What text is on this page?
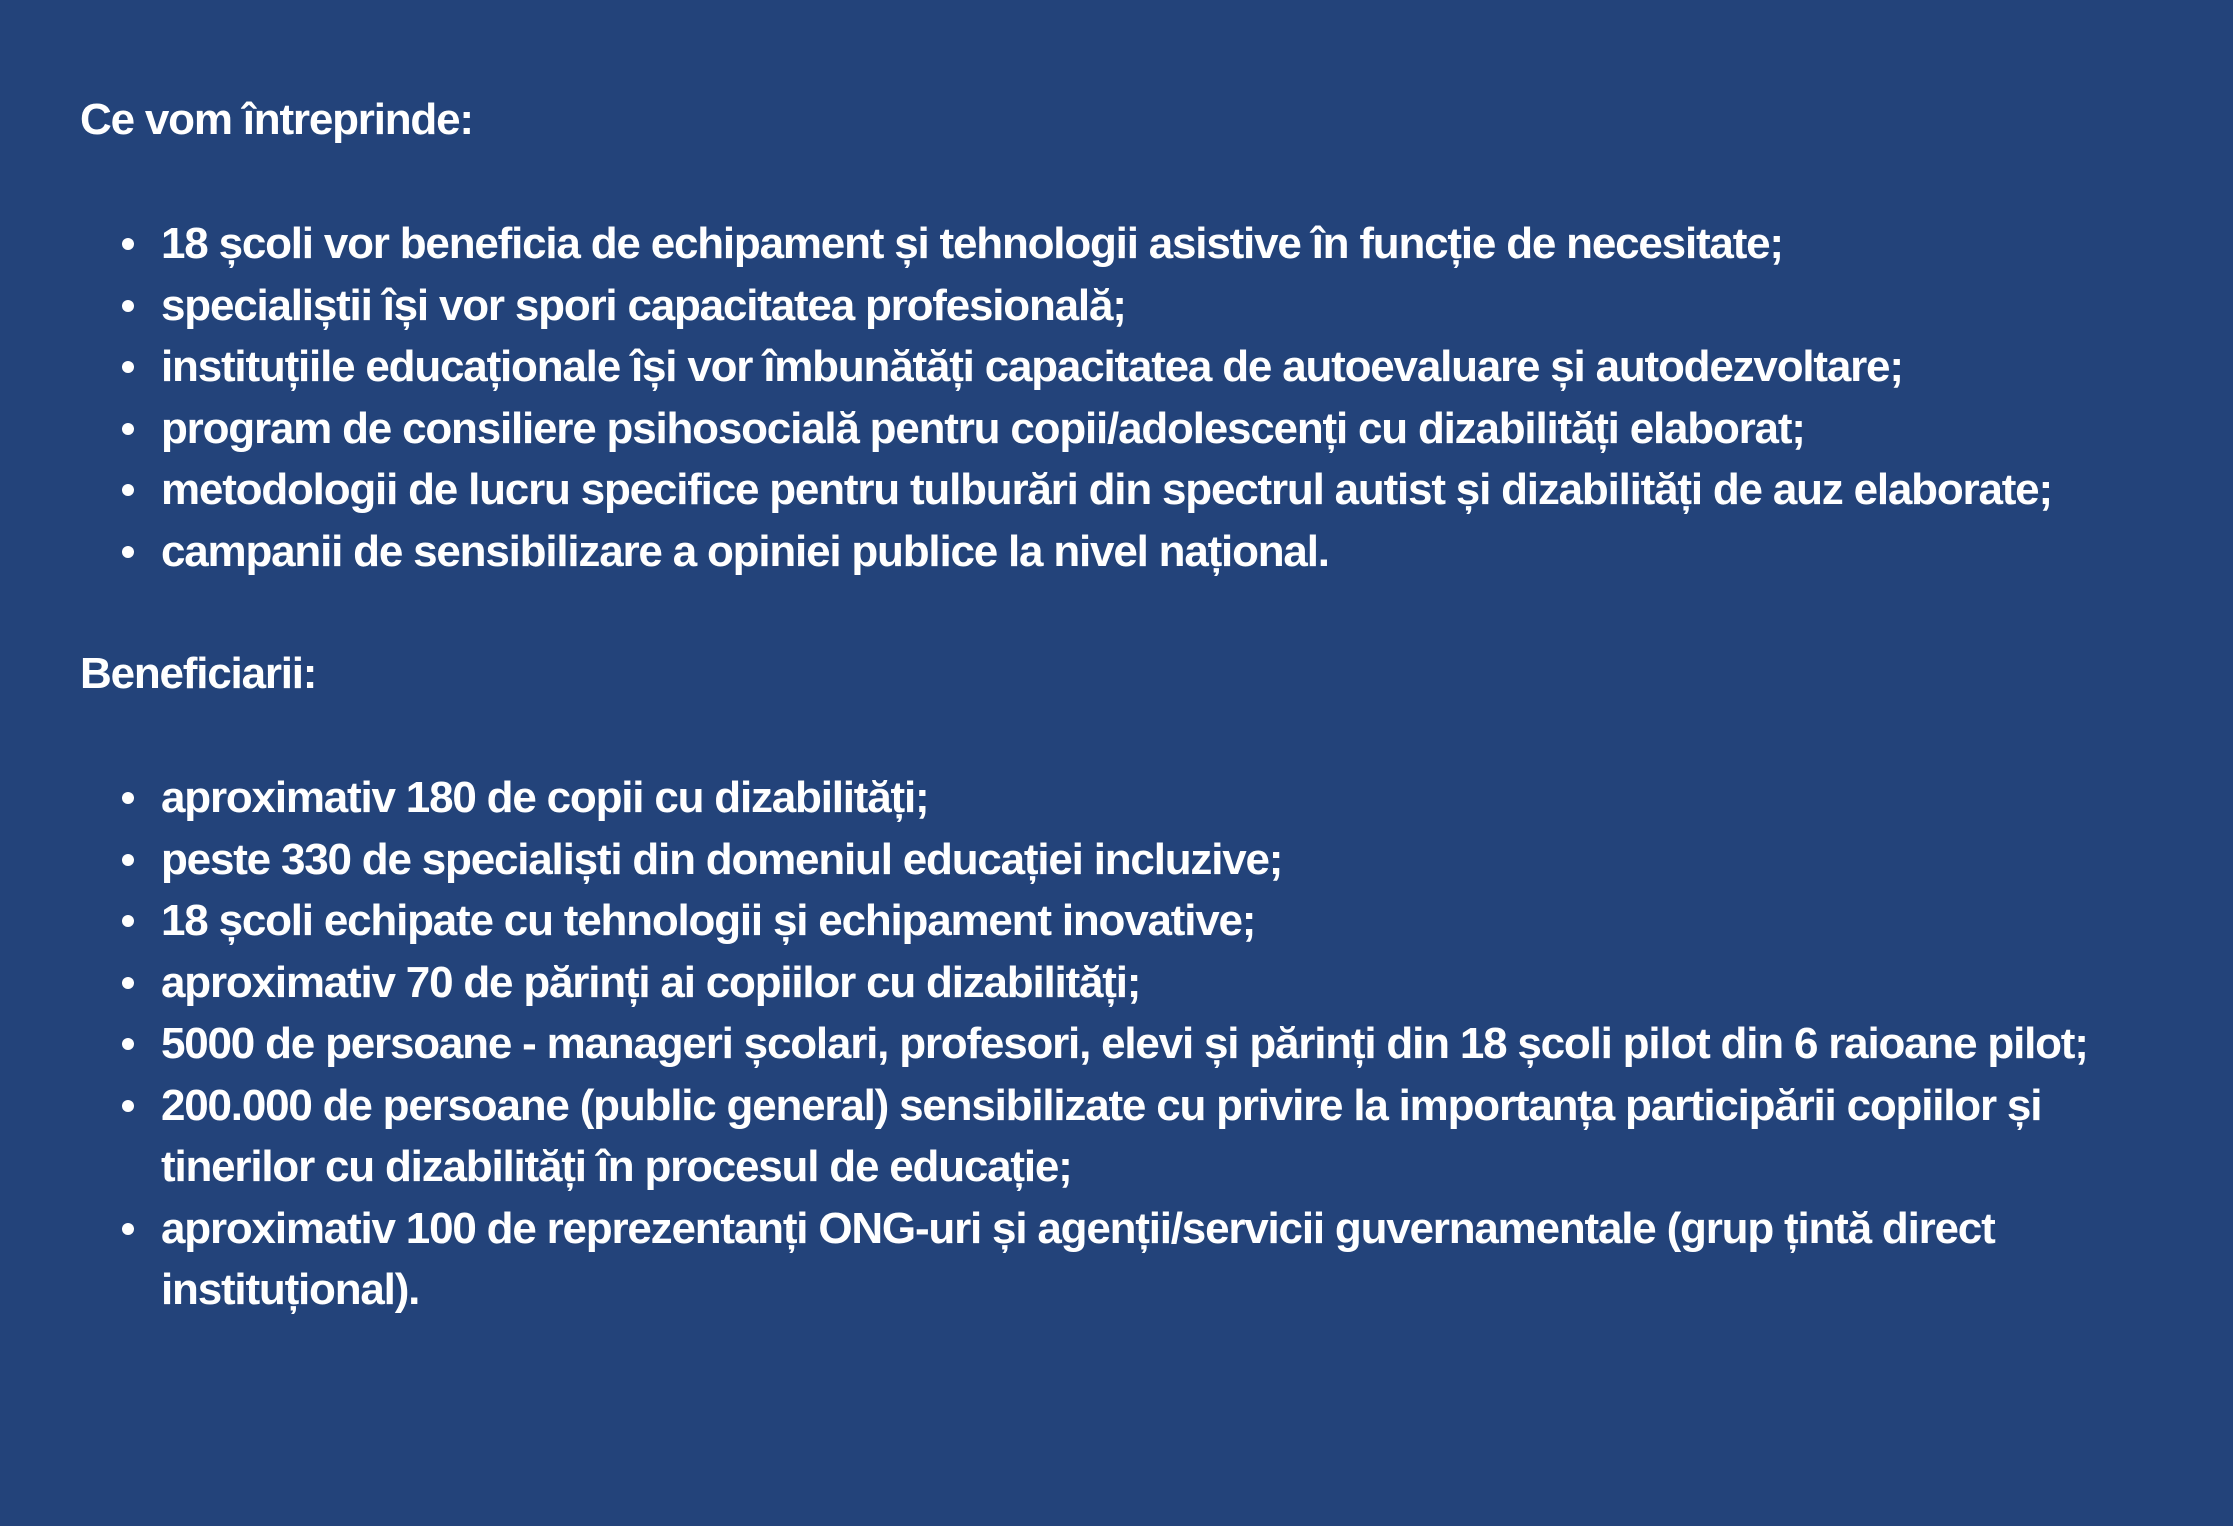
Ce vom întreprinde:
18 școli vor beneficia de echipament și tehnologii asistive în funcție de necesitate;
specialiștii își vor spori capacitatea profesională;
instituțiile educaționale își vor îmbunătăți capacitatea de autoevaluare și autodezvoltare;
program de consiliere psihosocială pentru copii/adolescenți cu dizabilități elaborat;
metodologii de lucru specifice pentru tulburări din spectrul autist și dizabilități de auz elaborate;
campanii de sensibilizare a opiniei publice la nivel național.
Beneficiarii:
aproximativ 180 de copii cu dizabilități;
peste 330 de specialiști din domeniul educației incluzive;
18 școli echipate cu tehnologii și echipament inovative;
aproximativ 70 de părinți ai copiilor cu dizabilități;
5000 de persoane - manageri școlari, profesori, elevi și părinți din 18 școli pilot din 6 raioane pilot;
200.000 de persoane (public general) sensibilizate cu privire la importanța participării copiilor și tinerilor cu dizabilități în procesul de educație;
aproximativ 100 de reprezentanți ONG-uri și agenții/servicii guvernamentale (grup țintă direct instituțional).
